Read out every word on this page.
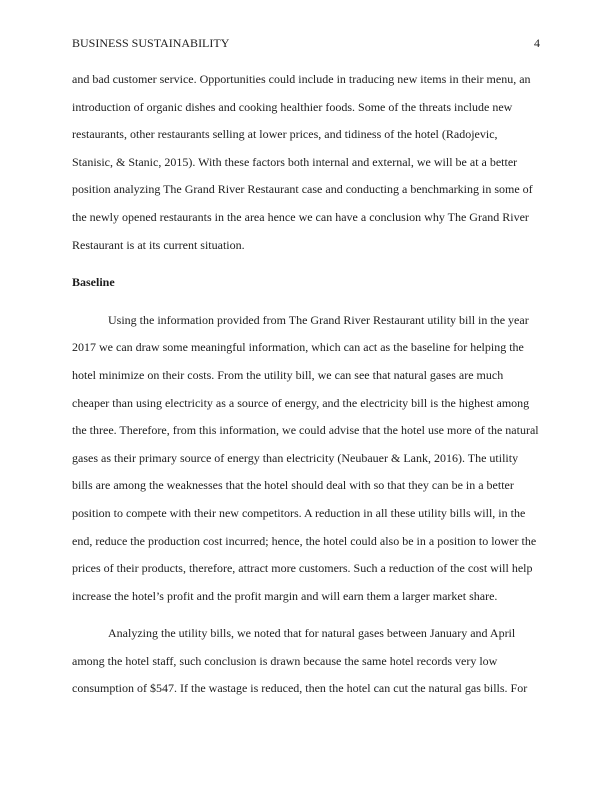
BUSINESS SUSTAINABILITY	4
and bad customer service. Opportunities could include in traducing new items in their menu, an
introduction of organic dishes and cooking healthier foods. Some of the threats include new
restaurants, other restaurants selling at lower prices, and tidiness of the hotel (Radojevic,
Stanisic, & Stanic, 2015). With these factors both internal and external, we will be at a better
position analyzing The Grand River Restaurant case and conducting a benchmarking in some of
the newly opened restaurants in the area hence we can have a conclusion why The Grand River
Restaurant is at its current situation.
Baseline
Using the information provided from The Grand River Restaurant utility bill in the year
2017 we can draw some meaningful information, which can act as the baseline for helping the
hotel minimize on their costs. From the utility bill, we can see that natural gases are much
cheaper than using electricity as a source of energy, and the electricity bill is the highest among
the three. Therefore, from this information, we could advise that the hotel use more of the natural
gases as their primary source of energy than electricity (Neubauer & Lank, 2016). The utility
bills are among the weaknesses that the hotel should deal with so that they can be in a better
position to compete with their new competitors. A reduction in all these utility bills will, in the
end, reduce the production cost incurred; hence, the hotel could also be in a position to lower the
prices of their products, therefore, attract more customers. Such a reduction of the cost will help
increase the hotel’s profit and the profit margin and will earn them a larger market share.
Analyzing the utility bills, we noted that for natural gases between January and April
among the hotel staff, such conclusion is drawn because the same hotel records very low
consumption of $547. If the wastage is reduced, then the hotel can cut the natural gas bills. For
